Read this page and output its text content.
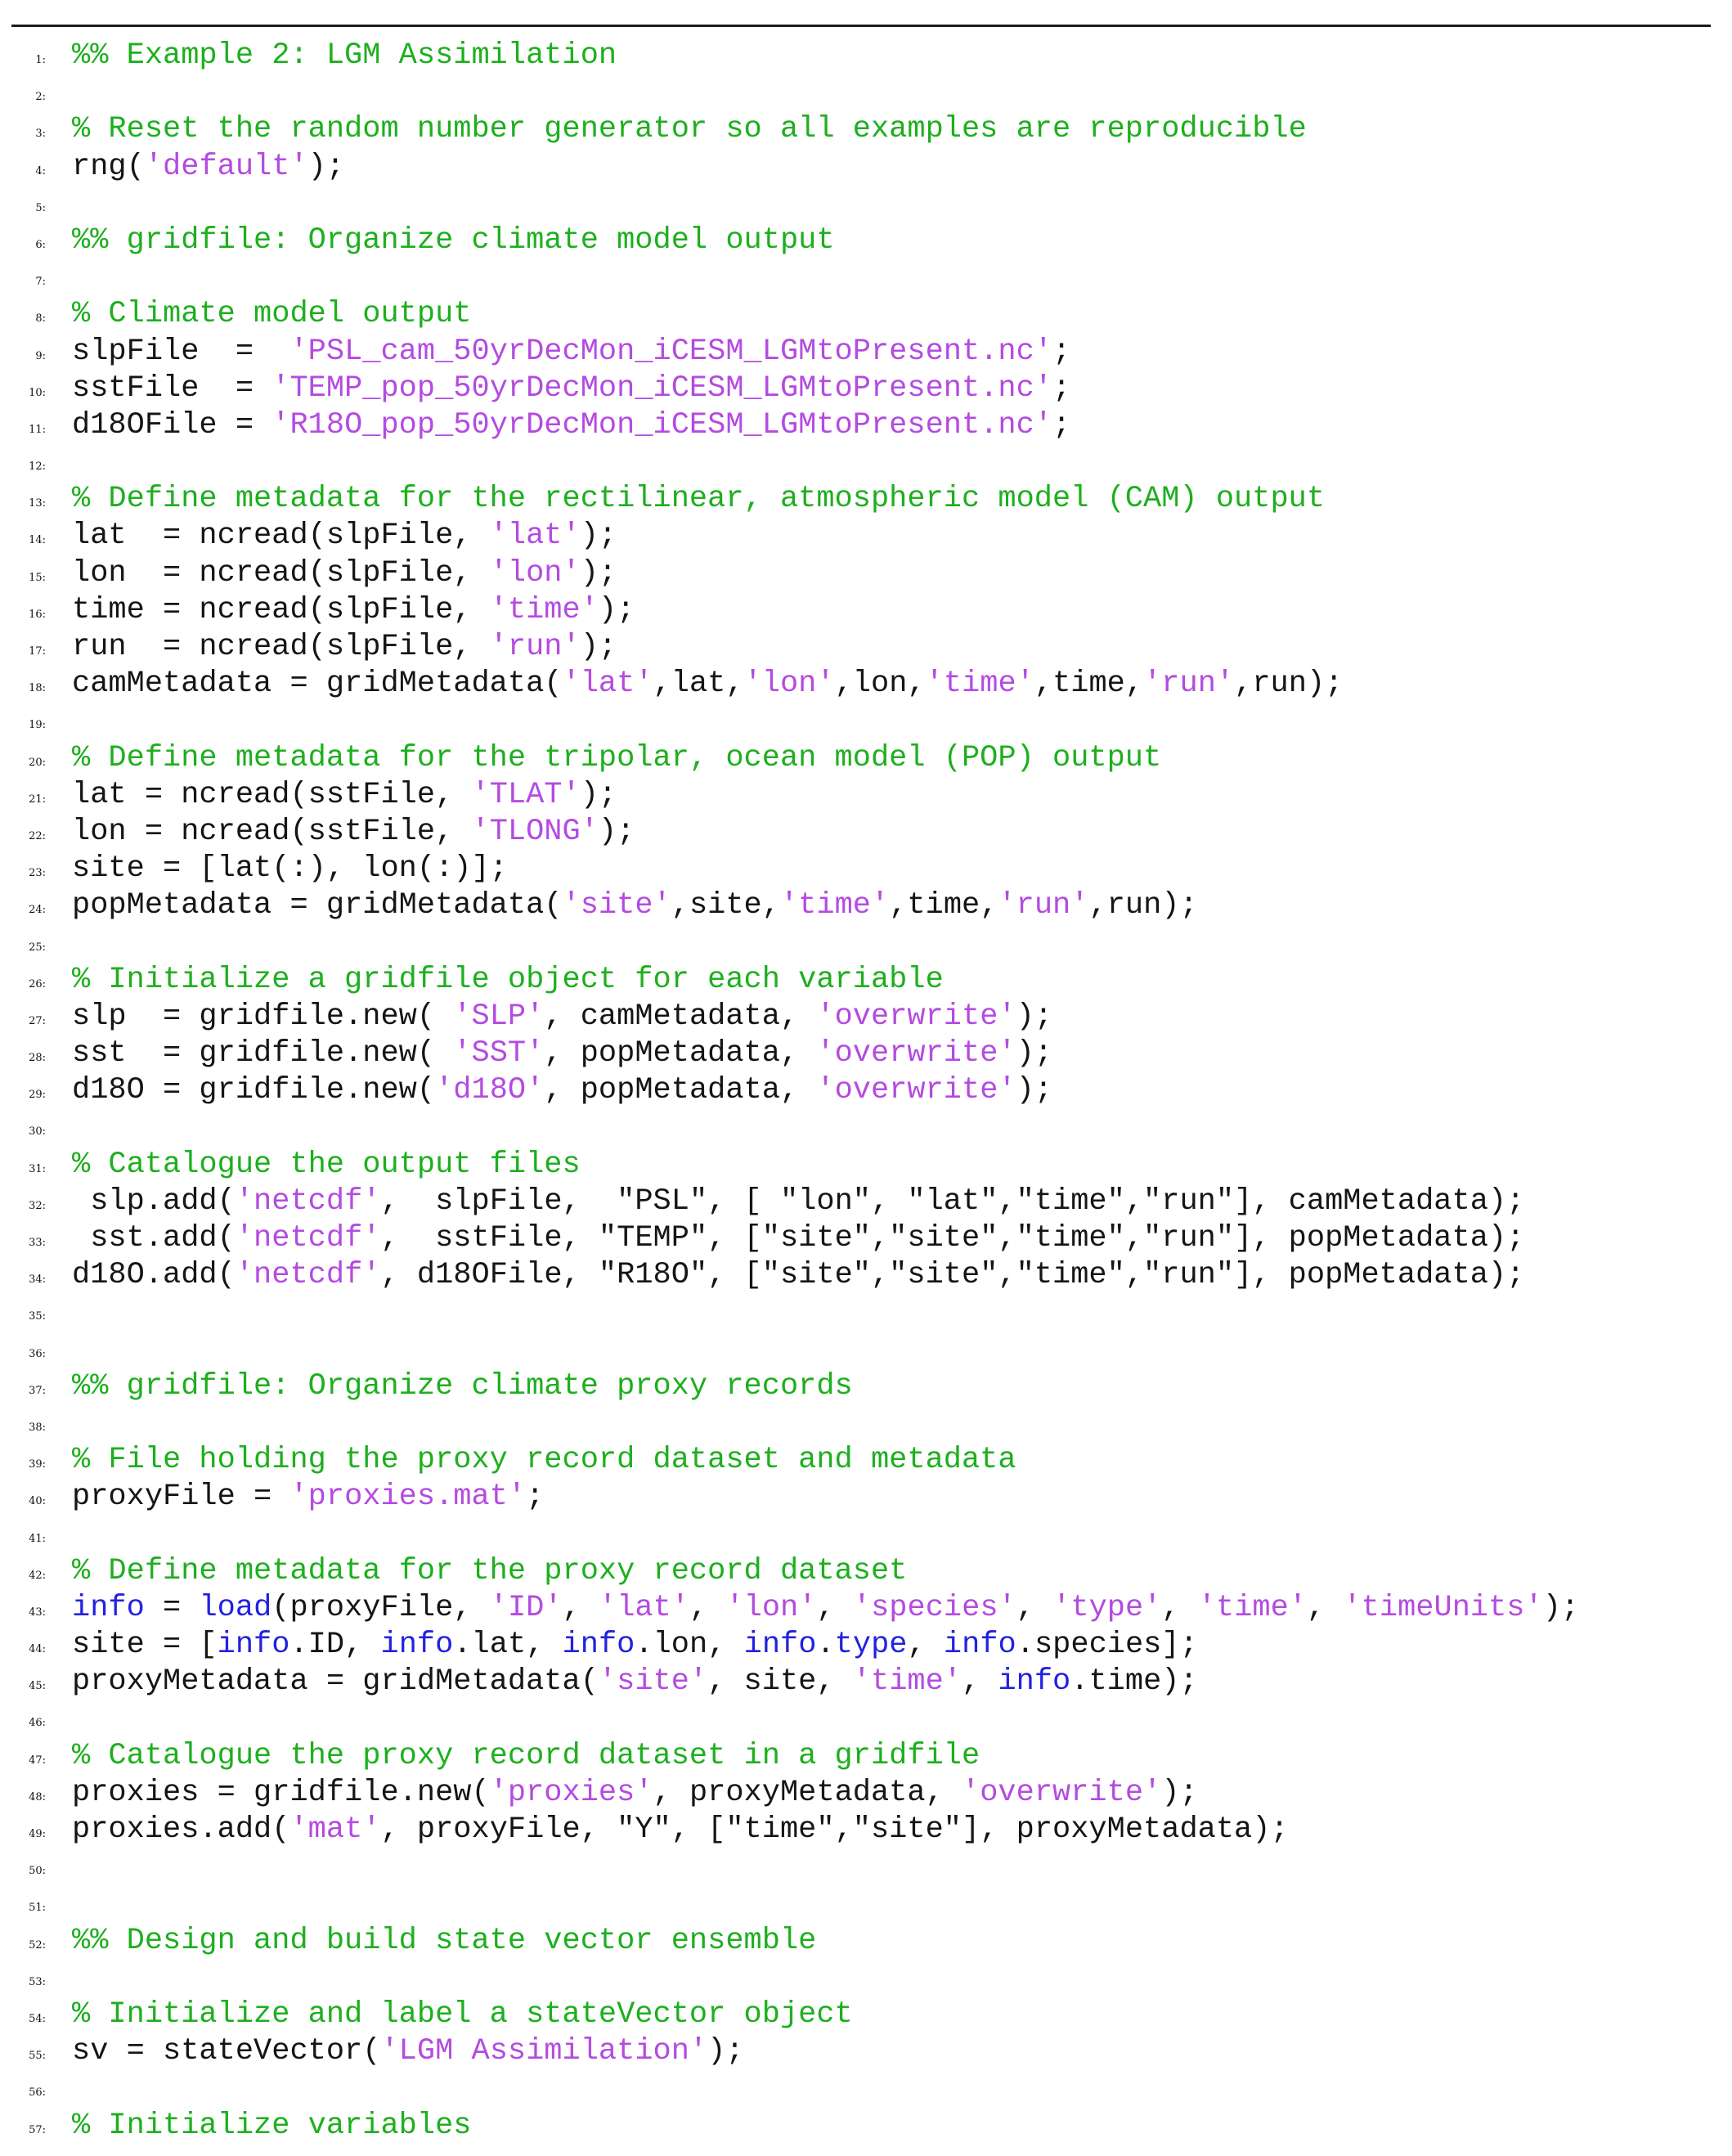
1: %% Example 2: LGM Assimilation
2:
3: % Reset the random number generator so all examples are reproducible
4: rng('default');
5:
6: %% gridfile: Organize climate model output
7:
8: % Climate model output
9: slpFile  =  'PSL_cam_50yrDecMon_iCESM_LGMtoPresent.nc';
10: sstFile  = 'TEMP_pop_50yrDecMon_iCESM_LGMtoPresent.nc';
11: d18OFile = 'R18O_pop_50yrDecMon_iCESM_LGMtoPresent.nc';
12:
13: % Define metadata for the rectilinear, atmospheric model (CAM) output
14: lat  = ncread(slpFile, 'lat');
15: lon  = ncread(slpFile, 'lon');
16: time = ncread(slpFile, 'time');
17: run  = ncread(slpFile, 'run');
18: camMetadata = gridMetadata('lat',lat,'lon',lon,'time',time,'run',run);
19:
20: % Define metadata for the tripolar, ocean model (POP) output
21: lat = ncread(sstFile, 'TLAT');
22: lon = ncread(sstFile, 'TLONG');
23: site = [lat(:), lon(:)];
24: popMetadata = gridMetadata('site',site,'time',time,'run',run);
25:
26: % Initialize a gridfile object for each variable
27: slp  = gridfile.new( 'SLP', camMetadata, 'overwrite');
28: sst  = gridfile.new( 'SST', popMetadata, 'overwrite');
29: d18O = gridfile.new('d18O', popMetadata, 'overwrite');
30:
31: % Catalogue the output files
32: slp.add('netcdf',  slpFile,  "PSL", [ "lon", "lat","time","run"], camMetadata);
33: sst.add('netcdf',  sstFile, "TEMP", ["site","site","time","run"], popMetadata);
34: d18O.add('netcdf', d18OFile, "R18O", ["site","site","time","run"], popMetadata);
35:
36:
37: %% gridfile: Organize climate proxy records
38:
39: % File holding the proxy record dataset and metadata
40: proxyFile = 'proxies.mat';
41:
42: % Define metadata for the proxy record dataset
43: info = load(proxyFile, 'ID', 'lat', 'lon', 'species', 'type', 'time', 'timeUnits');
44: site = [info.ID, info.lat, info.lon, info.type, info.species];
45: proxyMetadata = gridMetadata('site', site, 'time', info.time);
46:
47: % Catalogue the proxy record dataset in a gridfile
48: proxies = gridfile.new('proxies', proxyMetadata, 'overwrite');
49: proxies.add('mat', proxyFile, "Y", ["time","site"], proxyMetadata);
50:
51:
52: %% Design and build state vector ensemble
53:
54: % Initialize and label a stateVector object
55: sv = stateVector('LGM Assimilation');
56:
57: % Initialize variables
